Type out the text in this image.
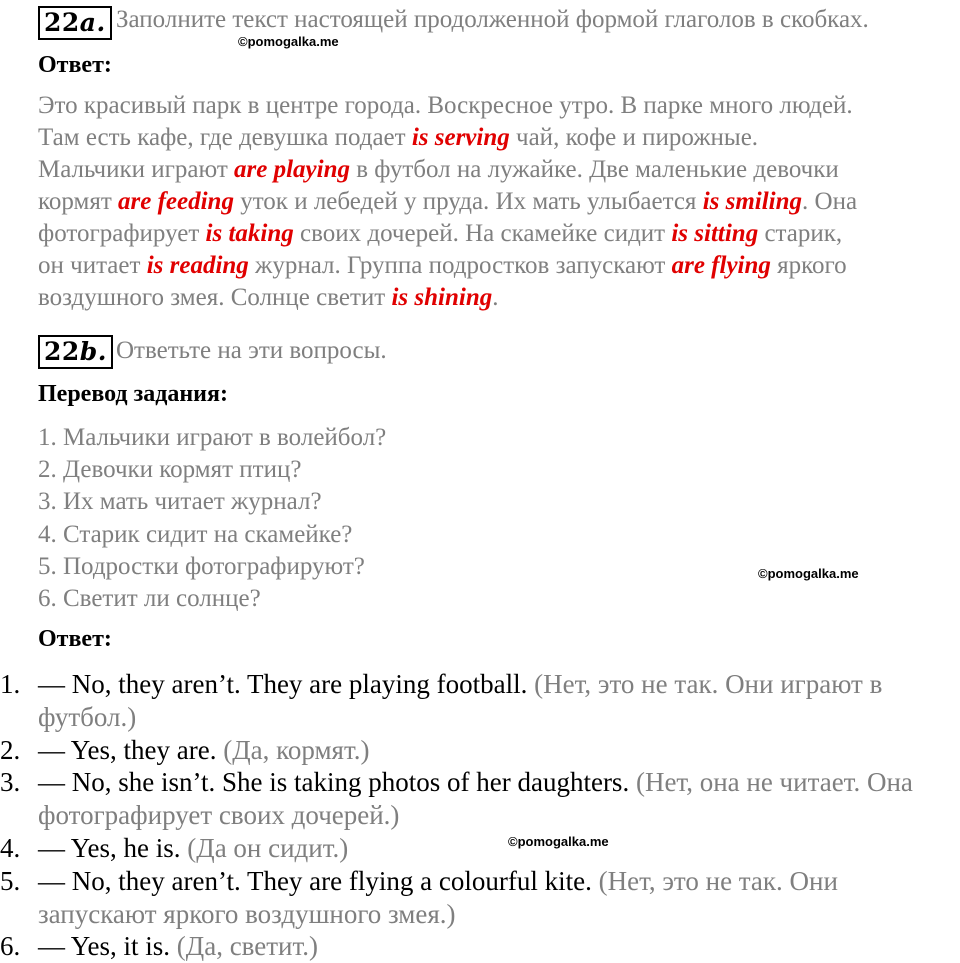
22a. Заполните текст настоящей продолженной формой глаголов в скобках.
©pomogalka.me
Ответ:
Это красивый парк в центре города. Воскресное утро. В парке много людей.
Там есть кафе, где девушка подает is serving чай, кофе и пирожные.
Мальчики играют are playing в футбол на лужайке. Две маленькие девочки
кормят are feeding уток и лебедей у пруда. Их мать улыбается is smiling. Она
фотографирует is taking своих дочерей. На скамейке сидит is sitting старик,
он читает is reading журнал. Группа подростков запускают are flying яркого
воздушного змея. Солнце светит is shining.
22b. Ответьте на эти вопросы.
Перевод задания:
1. Мальчики играют в волейбол?
2. Девочки кормят птиц?
3. Их мать читает журнал?
4. Старик сидит на скамейке?
5. Подростки фотографируют?
6. Светит ли солнце?
©pomogalka.me
Ответ:
1. — No, they aren’t. They are playing football. (Нет, это не так. Они играют в
футбол.)
2. — Yes, they are. (Да, кормят.)
3. — No, she isn’t. She is taking photos of her daughters. (Нет, она не читает. Она
фотографирует своих дочерей.)
4. — Yes, he is. (Да он сидит.)
5. — No, they aren’t. They are flying a colourful kite. (Нет, это не так. Они
запускают яркого воздушного змея.)
6. — Yes, it is. (Да, светит.)
©pomogalka.me
